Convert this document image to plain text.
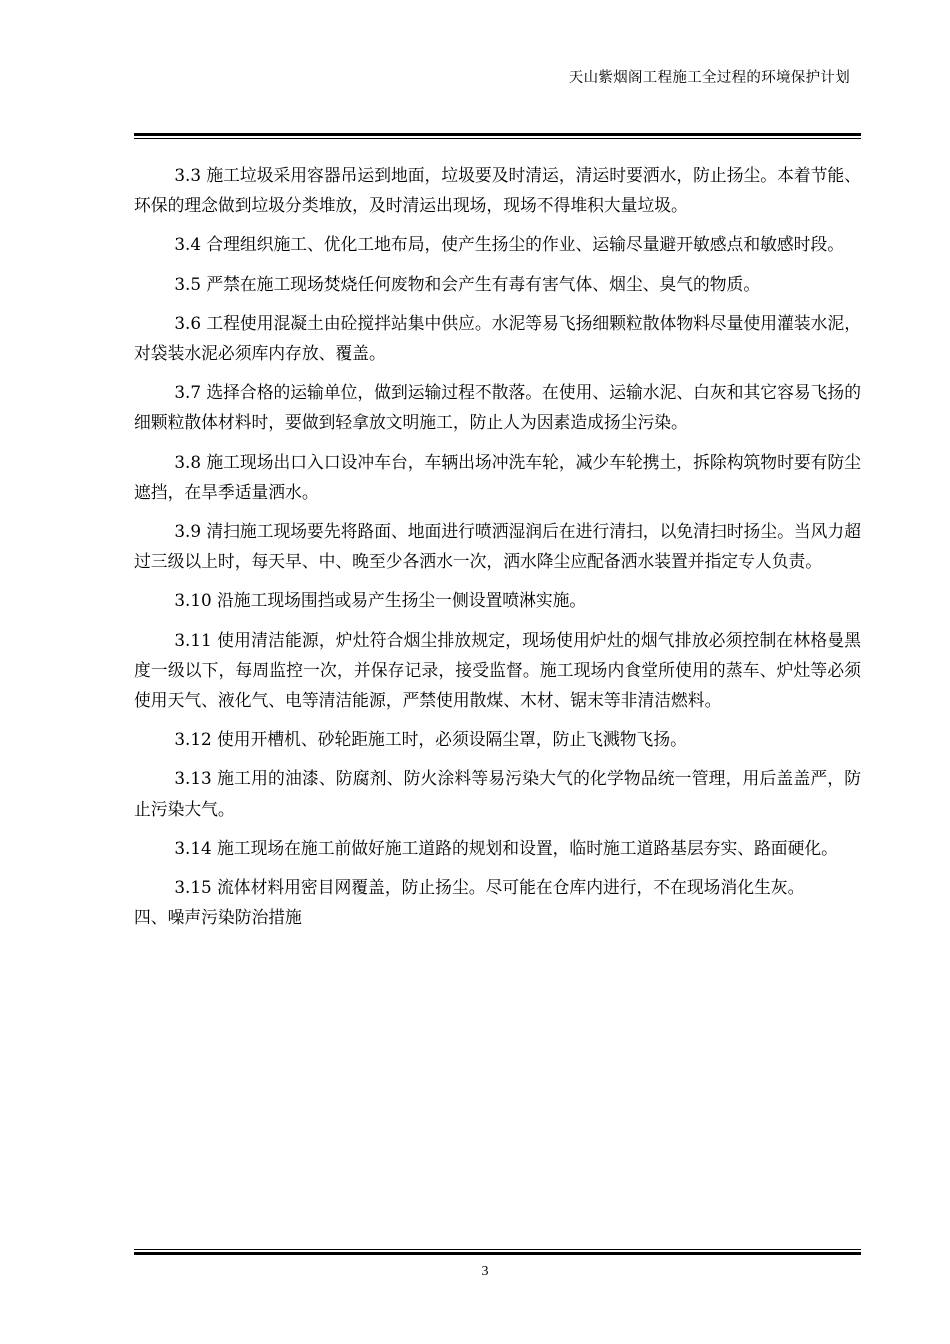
天山紫烟阁工程施工全过程的环境保护计划

3.3 施工垃圾采用容器吊运到地面，垃圾要及时清运，清运时要洒水，防止扬尘。本着节能、环保的理念做到垃圾分类堆放，及时清运出现场，现场不得堆积大量垃圾。

3.4 合理组织施工、优化工地布局，使产生扬尘的作业、运输尽量避开敏感点和敏感时段。

3.5 严禁在施工现场焚烧任何废物和会产生有毒有害气体、烟尘、臭气的物质。

3.6 工程使用混凝土由砼搅拌站集中供应。水泥等易飞扬细颗粒散体物料尽量使用灌装水泥，对袋装水泥必须库内存放、覆盖。

3.7 选择合格的运输单位，做到运输过程不散落。在使用、运输水泥、白灰和其它容易飞扬的细颗粒散体材料时，要做到轻拿放文明施工，防止人为因素造成扬尘污染。

3.8 施工现场出口入口设冲车台，车辆出场冲洗车轮，减少车轮携土，拆除构筑物时要有防尘遮挡，在旱季适量洒水。

3.9 清扫施工现场要先将路面、地面进行喷洒湿润后在进行清扫，以免清扫时扬尘。当风力超过三级以上时，每天早、中、晚至少各洒水一次，洒水降尘应配备洒水装置并指定专人负责。

3.10 沿施工现场围挡或易产生扬尘一侧设置喷淋实施。

3.11 使用清洁能源，炉灶符合烟尘排放规定，现场使用炉灶的烟气排放必须控制在林格曼黑度一级以下，每周监控一次，并保存记录，接受监督。施工现场内食堂所使用的蒸车、炉灶等必须使用天气、液化气、电等清洁能源，严禁使用散煤、木材、锯末等非清洁燃料。

3.12 使用开槽机、砂轮距施工时，必须设隔尘罩，防止飞溅物飞扬。

3.13 施工用的油漆、防腐剂、防火涂料等易污染大气的化学物品统一管理，用后盖盖严，防止污染大气。

3.14 施工现场在施工前做好施工道路的规划和设置，临时施工道路基层夯实、路面硬化。

3.15 流体材料用密目网覆盖，防止扬尘。尽可能在仓库内进行，不在现场消化生灰。

四、噪声污染防治措施

3
